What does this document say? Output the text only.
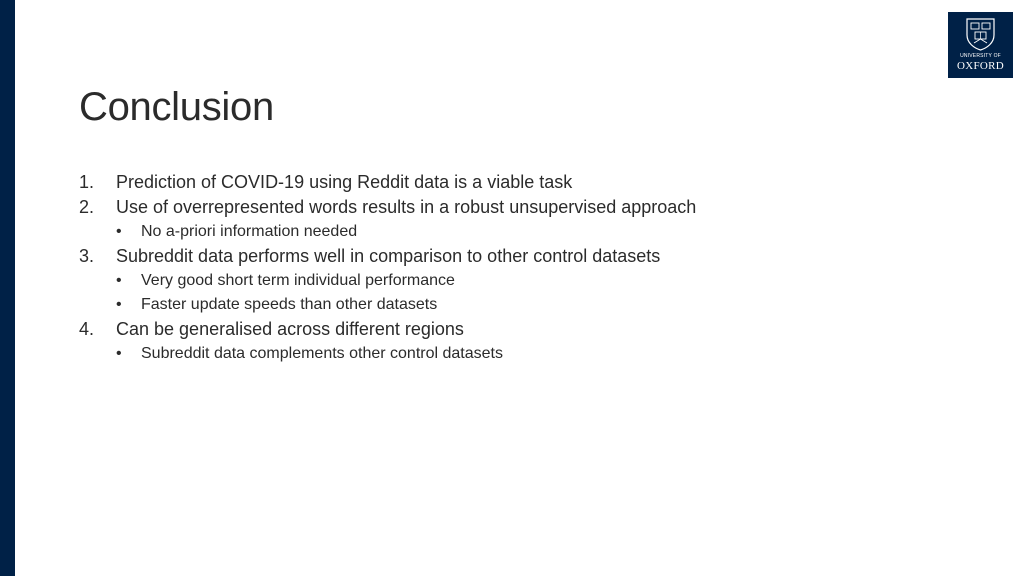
UNIVERSITY OF
OXFORD
Conclusion
1. Prediction of COVID-19 using Reddit data is a viable task
2. Use of overrepresented words results in a robust unsupervised approach
• No a-priori information needed
3. Subreddit data performs well in comparison to other control datasets
• Very good short term individual performance
• Faster update speeds than other datasets
4. Can be generalised across different regions
• Subreddit data complements other control datasets
